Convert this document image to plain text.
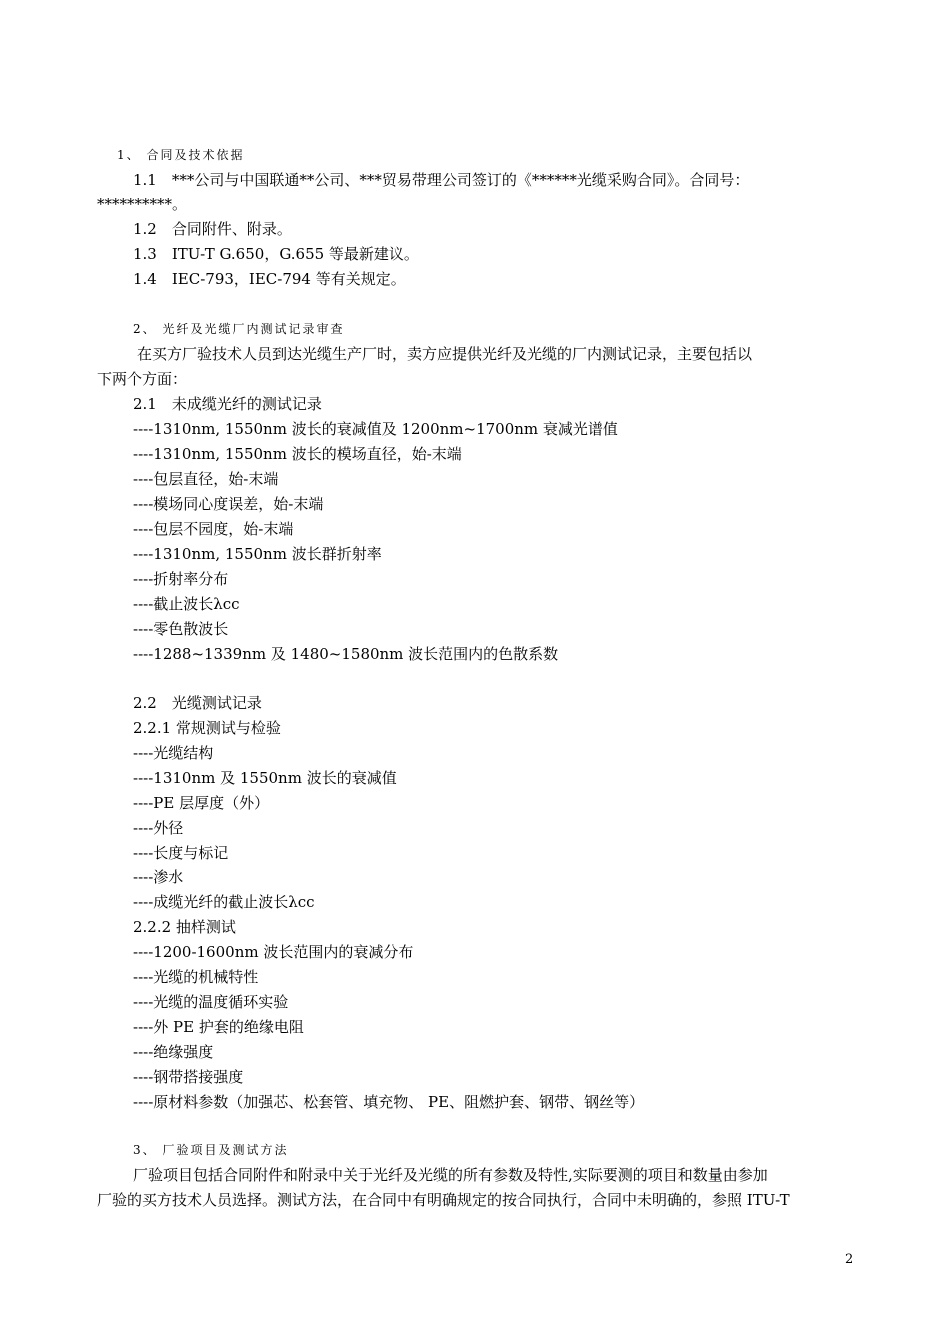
1、 合同及技术依据
1.1　***公司与中国联通**公司、***贸易带理公司签订的《******光缆采购合同》。合同号：
**********。
1.2　合同附件、附录。
1.3　ITU-T G.650，G.655 等最新建议。
1.4　IEC-793，IEC-794 等有关规定。
2、 光纤及光缆厂内测试记录审查
在买方厂验技术人员到达光缆生产厂时，卖方应提供光纤及光缆的厂内测试记录，主要包括以
下两个方面：
2.1　未成缆光纤的测试记录
----1310nm, 1550nm 波长的衰减值及 1200nm~1700nm 衰减光谱值
----1310nm, 1550nm 波长的模场直径，始-末端
----包层直径，始-末端
----模场同心度误差，始-末端
----包层不园度，始-末端
----1310nm, 1550nm 波长群折射率
----折射率分布
----截止波长λcc
----零色散波长
----1288~1339nm 及 1480~1580nm 波长范围内的色散系数
2.2　光缆测试记录
2.2.1 常规测试与检验
----光缆结构
----1310nm 及 1550nm 波长的衰减值
----PE 层厚度（外）
----外径
----长度与标记
----渗水
----成缆光纤的截止波长λcc
2.2.2 抽样测试
----1200-1600nm 波长范围内的衰减分布
----光缆的机械特性
----光缆的温度循环实验
----外 PE 护套的绝缘电阻
----绝缘强度
----钢带搭接强度
----原材料参数（加强芯、松套管、填充物、 PE、阻燃护套、钢带、钢丝等）
3、 厂验项目及测试方法
厂验项目包括合同附件和附录中关于光纤及光缆的所有参数及特性,实际要测的项目和数量由参加
厂验的买方技术人员选择。测试方法，在合同中有明确规定的按合同执行，合同中未明确的，参照 ITU-T
2
